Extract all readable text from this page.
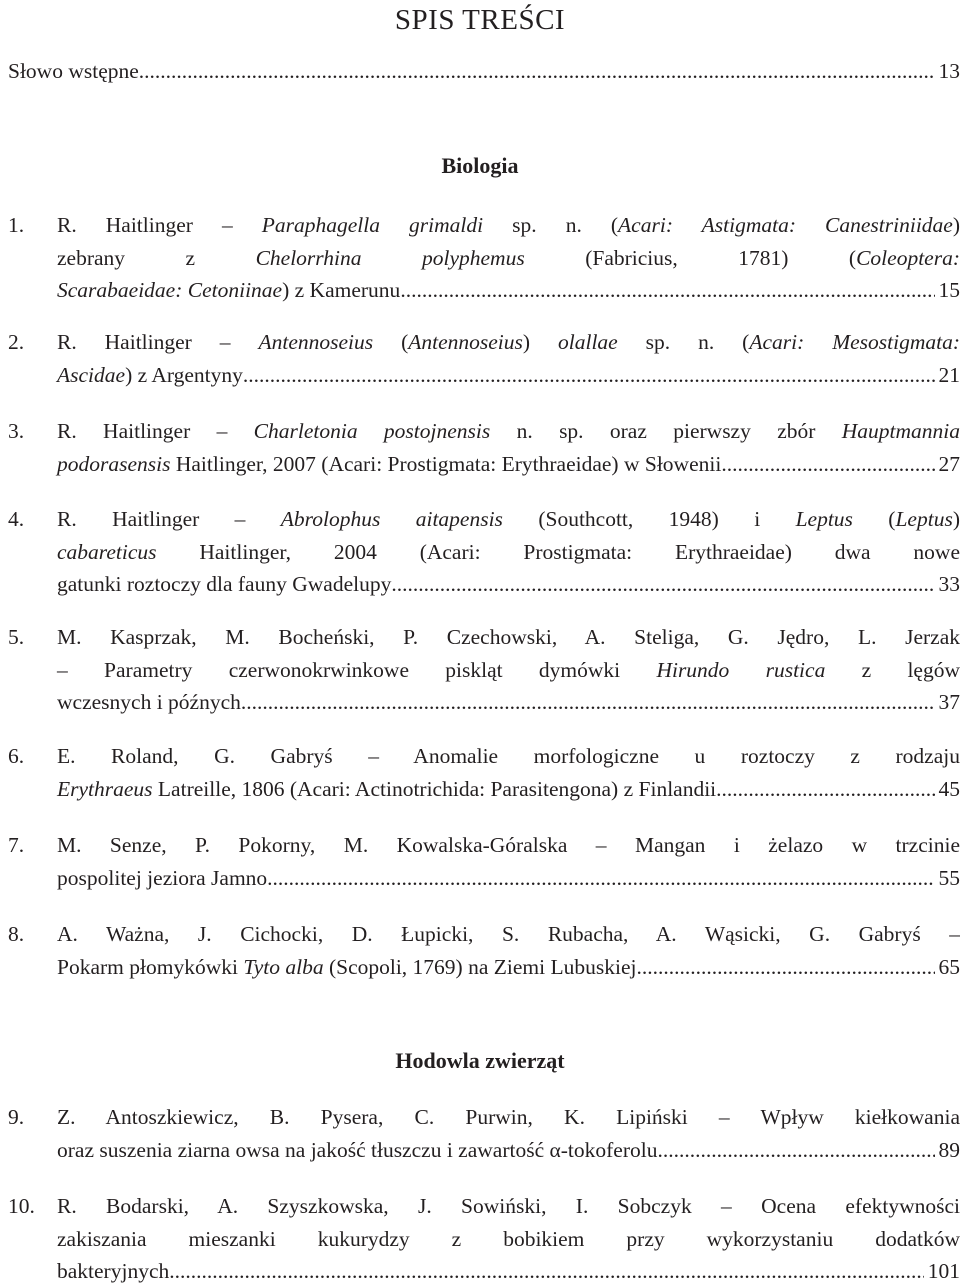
SPIS TREŚCI
Słowo wstępne .....	13
Biologia
1. R. Haitlinger – Paraphagella grimaldi sp. n. (Acari: Astigmata: Canestriniidae)
zebrany z Chelorrhina polyphemus (Fabricius, 1781) (Coleoptera:
Scarabaeidae: Cetoniinae) z Kamerunu .....	15
2. R. Haitlinger – Antennoseius (Antennoseius) olallae sp. n. (Acari: Mesostigmata:
Ascidae) z Argentyny .....	21
3. R. Haitlinger – Charletonia postojnensis n. sp. oraz pierwszy zbór Hauptmannia
podorasensis Haitlinger, 2007 (Acari: Prostigmata: Erythraeidae) w Słowenii .....	27
4. R. Haitlinger – Abrolophus aitapensis (Southcott, 1948) i Leptus (Leptus)
cabareticus Haitlinger, 2004 (Acari: Prostigmata: Erythraeidae) dwa nowe
gatunki roztoczy dla fauny Gwadelupy .....	33
5. M. Kasprzak, M. Bocheński, P. Czechowski, A. Steliga, G. Jędro, L. Jerzak
– Parametry czerwonokrwinkowe piskląt dymówki Hirundo rustica z lęgów
wczesnych i późnych .....	37
6. E. Roland, G. Gabryś – Anomalie morfologiczne u roztoczy z rodzaju
Erythraeus Latreille, 1806 (Acari: Actinotrichida: Parasitengona) z Finlandii .....	45
7. M. Senze, P. Pokorny, M. Kowalska-Góralska – Mangan i żelazo w trzcinie
pospolitej jeziora Jamno .....	55
8. A. Ważna, J. Cichocki, D. Łupicki, S. Rubacha, A. Wąsicki, G. Gabryś –
Pokarm płomykówki Tyto alba (Scopoli, 1769) na Ziemi Lubuskiej .....	65
Hodowla zwierząt
9. Z. Antoszkiewicz, B. Pysera, C. Purwin, K. Lipiński – Wpływ kiełkowania
oraz suszenia ziarna owsa na jakość tłuszczu i zawartość α-tokoferolu .....	89
10. R. Bodarski, A. Szyszkowska, J. Sowiński, I. Sobczyk – Ocena efektywności
zakiszania mieszanki kukurydzy z bobikiem przy wykorzystaniu dodatków
bakteryjnych .....	101
